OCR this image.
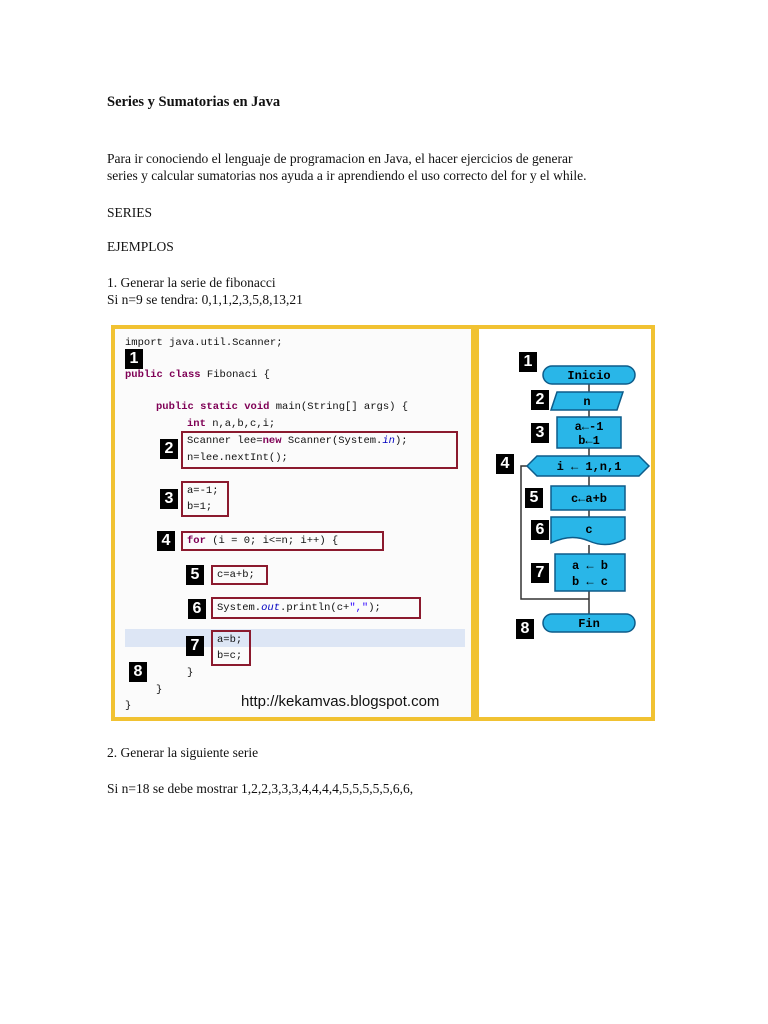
Series y Sumatorias en Java

Para ir conociendo el lenguaje de programacion en Java, el hacer ejercicios de generar

series y calcular sumatorias nos ayuda a ir aprendiendo el uso correcto del for y el while.

SERIES

EJEMPLOS

1. Generar la serie de fibonacci

Si n=9 se tendra: 0,1,1,2,3,5,8,13,21

import java.util.Scanner;
public class Fibonaci {
public static void main(String[] args) {
int n,a,b,c,i;
Scanner lee=new Scanner(System.in);
n=lee.nextInt();
a=-1;
b=1;
for (i = 0; i<=n; i++) {
c=a+b;
System.out.println(c+",");
a=b;
b=c;
}
}
}
1
2
3
4
5
6
7
8
http://kekamvas.blogspot.com
Inicio
n
a←-1
b←1
i ← 1,n,1
c←a+b
c
a ← b
b ← c
Fin
1
2
3
4
5
6
7
8

2. Generar la siguiente serie

Si n=18 se debe mostrar 1,2,2,3,3,3,4,4,4,4,5,5,5,5,5,6,6,
